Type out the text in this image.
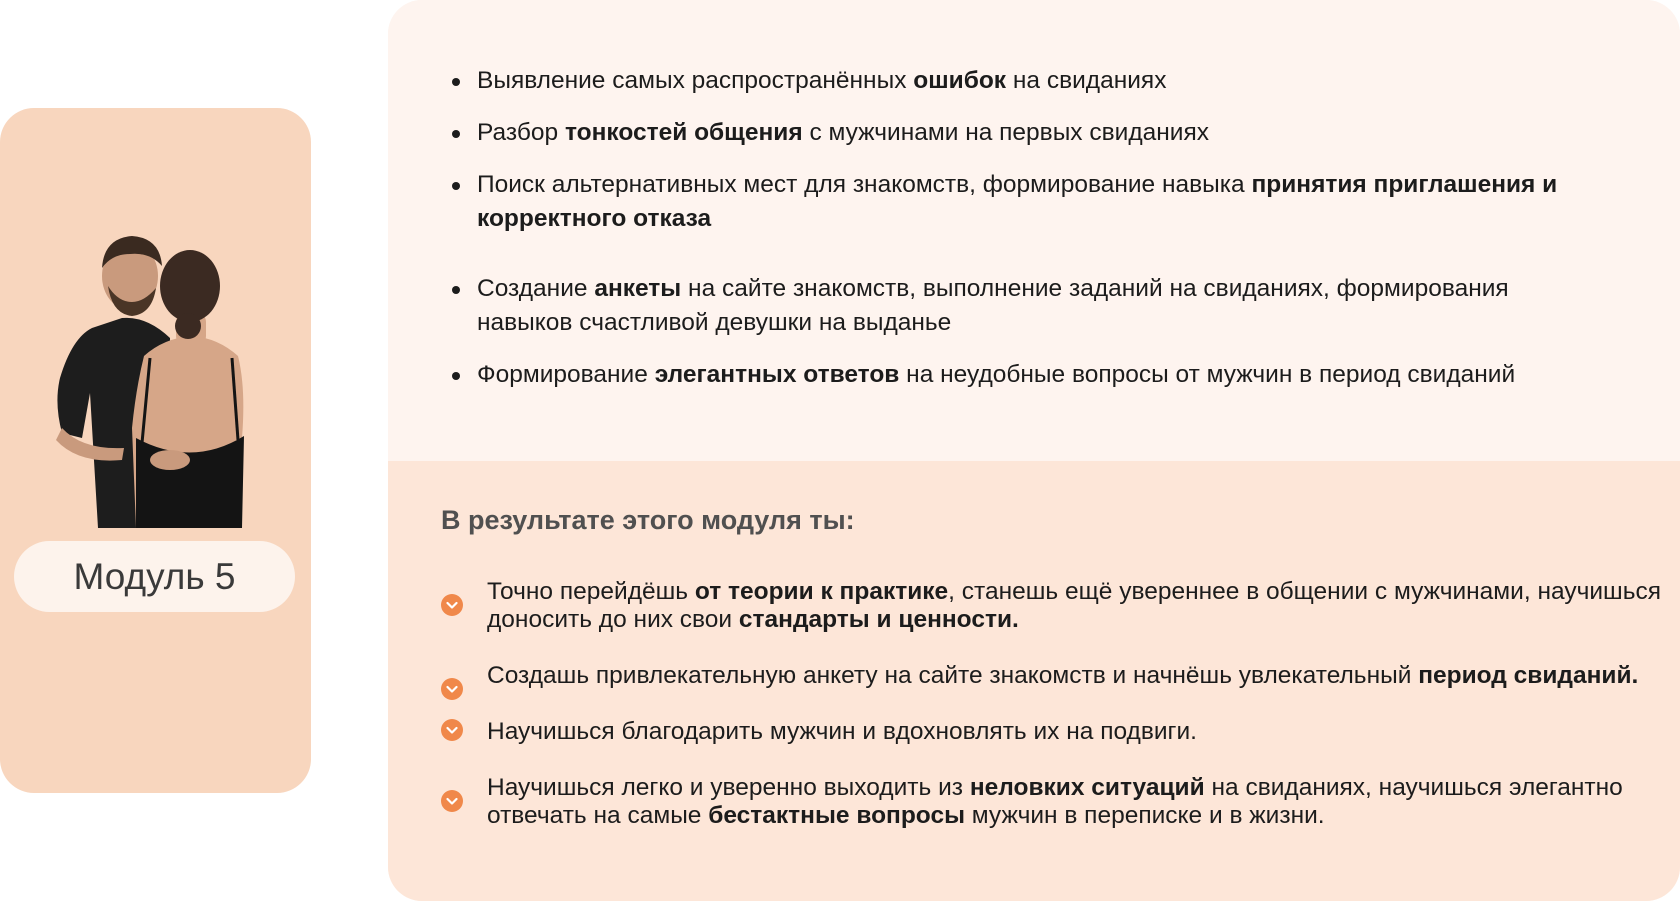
Модуль 5
Выявление самых распространённых ошибок на свиданиях
Разбор тонкостей общения с мужчинами на первых свиданиях
Поиск альтернативных мест для знакомств, формирование навыка принятия приглашения и корректного отказа
Создание анкеты на сайте знакомств, выполнение заданий на свиданиях, формирования навыков счастливой девушки на выданье
Формирование элегантных ответов на неудобные вопросы от мужчин в период свиданий
В результате этого модуля ты:
Точно перейдёшь от теории к практике, станешь ещё увереннее в общении с мужчинами, научишься доносить до них свои стандарты и ценности.
Создашь привлекательную анкету на сайте знакомств и начнёшь увлекательный период свиданий.
Научишься благодарить мужчин и вдохновлять их на подвиги.
Научишься легко и уверенно выходить из неловких ситуаций на свиданиях, научишься элегантно отвечать на самые бестактные вопросы мужчин в переписке и в жизни.
